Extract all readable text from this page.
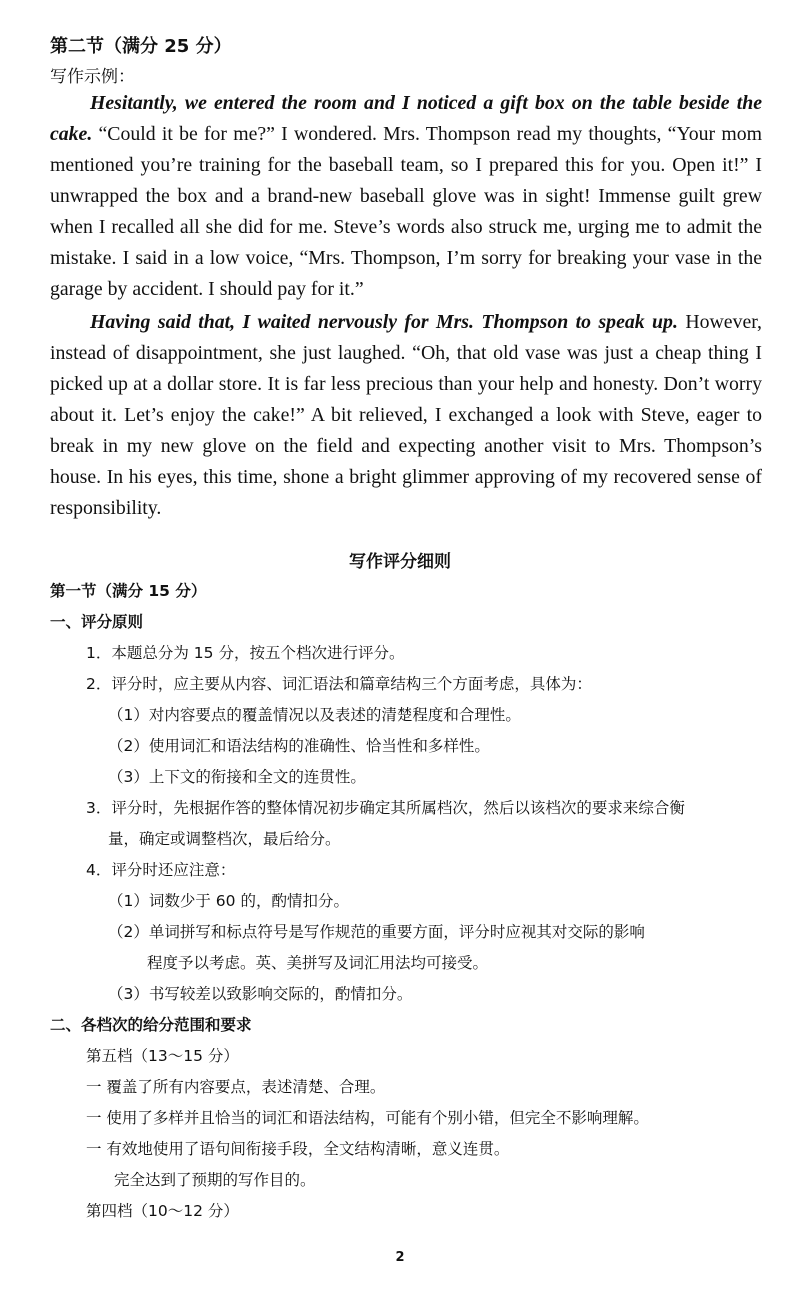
第二节（满分 25 分）
写作示例：

Hesitantly, we entered the room and I noticed a gift box on the table beside the cake. “Could it be for me?” I wondered. Mrs. Thompson read my thoughts, “Your mom mentioned you’re training for the baseball team, so I prepared this for you. Open it!” I unwrapped the box and a brand-new baseball glove was in sight! Immense guilt grew when I recalled all she did for me. Steve’s words also struck me, urging me to admit the mistake. I said in a low voice, “Mrs. Thompson, I’m sorry for breaking your vase in the garage by accident. I should pay for it.”

Having said that, I waited nervously for Mrs. Thompson to speak up. However, instead of disappointment, she just laughed. “Oh, that old vase was just a cheap thing I picked up at a dollar store. It is far less precious than your help and honesty. Don’t worry about it. Let’s enjoy the cake!” A bit relieved, I exchanged a look with Steve, eager to break in my new glove on the field and expecting another visit to Mrs. Thompson’s house. In his eyes, this time, shone a bright glimmer approving of my recovered sense of responsibility.

写作评分细则
第一节（满分 15 分）
一、评分原则
1．本题总分为 15 分，按五个档次进行评分。
2．评分时，应主要从内容、词汇语法和篇章结构三个方面考虑，具体为：
（1）对内容要点的覆盖情况以及表述的清楚程度和合理性。
（2）使用词汇和语法结构的准确性、恰当性和多样性。
（3）上下文的衔接和全文的连贯性。
3．评分时，先根据作答的整体情况初步确定其所属档次，然后以该档次的要求来综合衡
量，确定或调整档次，最后给分。
4．评分时还应注意：
（1）词数少于 60 的，酌情扣分。
（2）单词拼写和标点符号是写作规范的重要方面，评分时应视其对交际的影响
程度予以考虑。英、美拼写及词汇用法均可接受。
（3）书写较差以致影响交际的，酌情扣分。
二、各档次的给分范围和要求
第五档（13～15 分）
一 覆盖了所有内容要点，表述清楚、合理。
一 使用了多样并且恰当的词汇和语法结构，可能有个别小错，但完全不影响理解。
一 有效地使用了语句间衔接手段，全文结构清晰，意义连贯。
完全达到了预期的写作目的。
第四档（10～12 分）
2
